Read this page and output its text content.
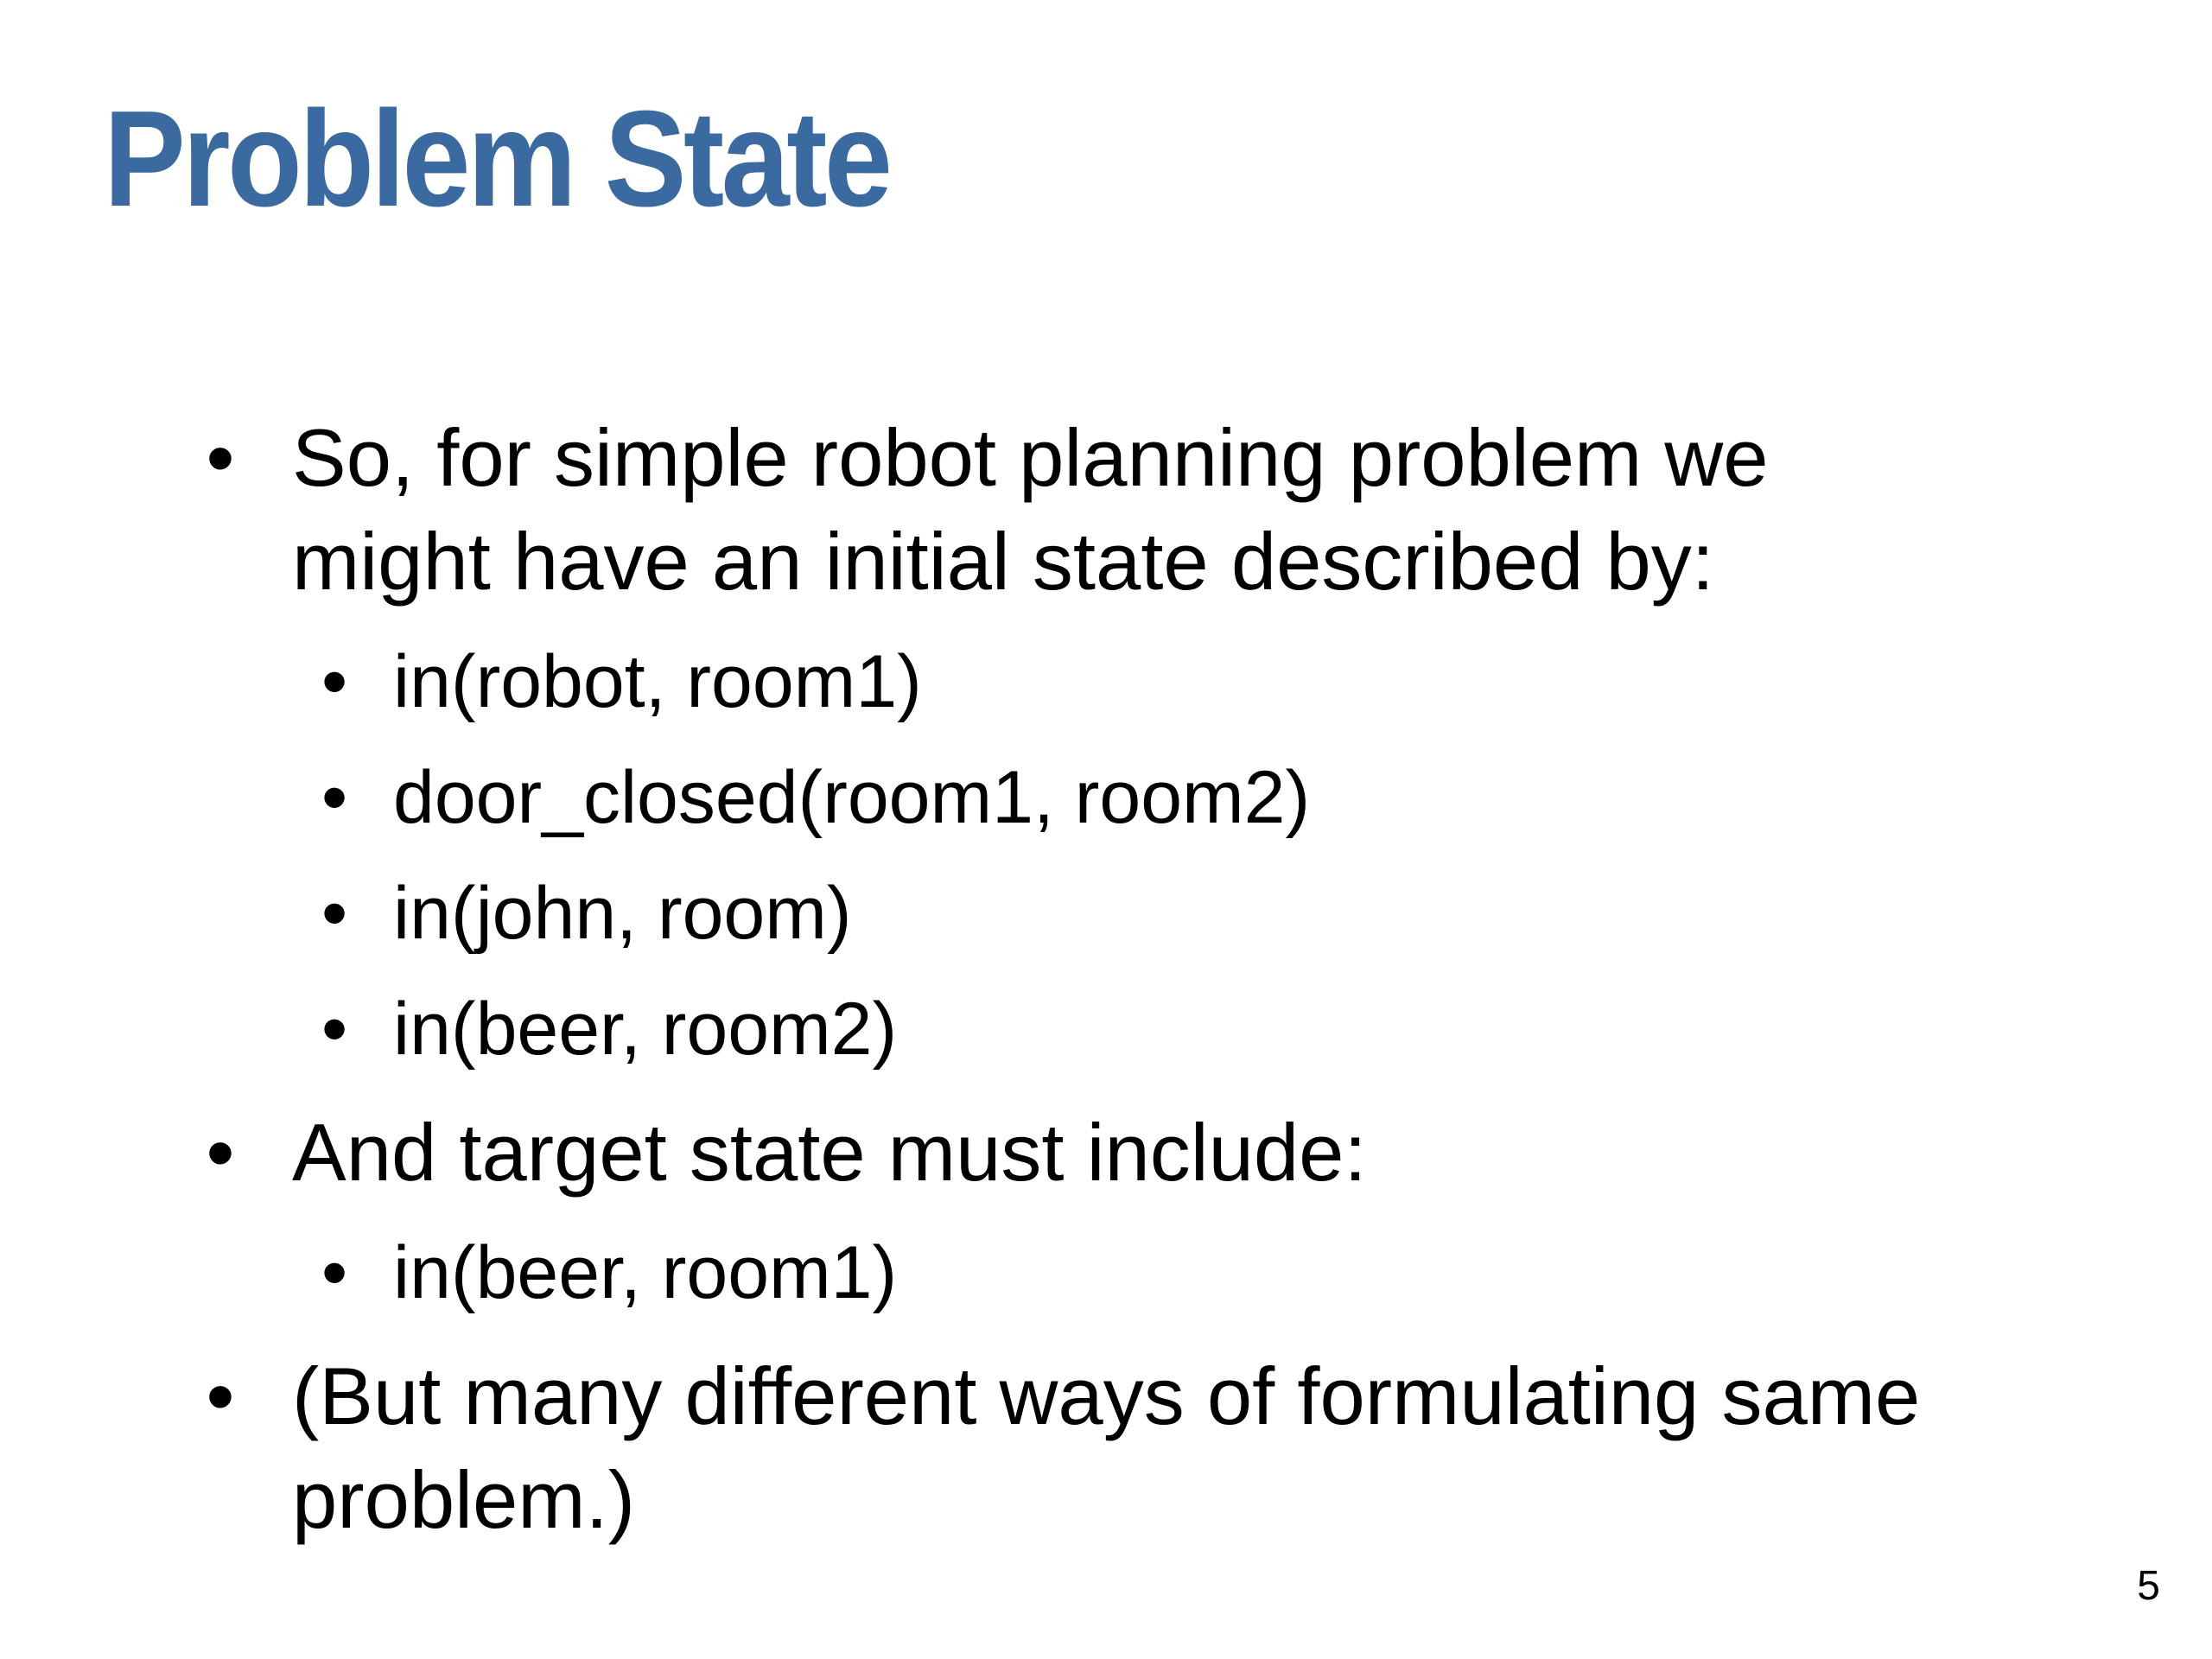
Problem State
• So, for simple robot planning problem we
might have an initial state described by:
• in(robot, room1)
• door_closed(room1, room2)
• in(john, room)
• in(beer, room2)
• And target state must include:
• in(beer, room1)
• (But many different ways of formulating same
problem.)
5
